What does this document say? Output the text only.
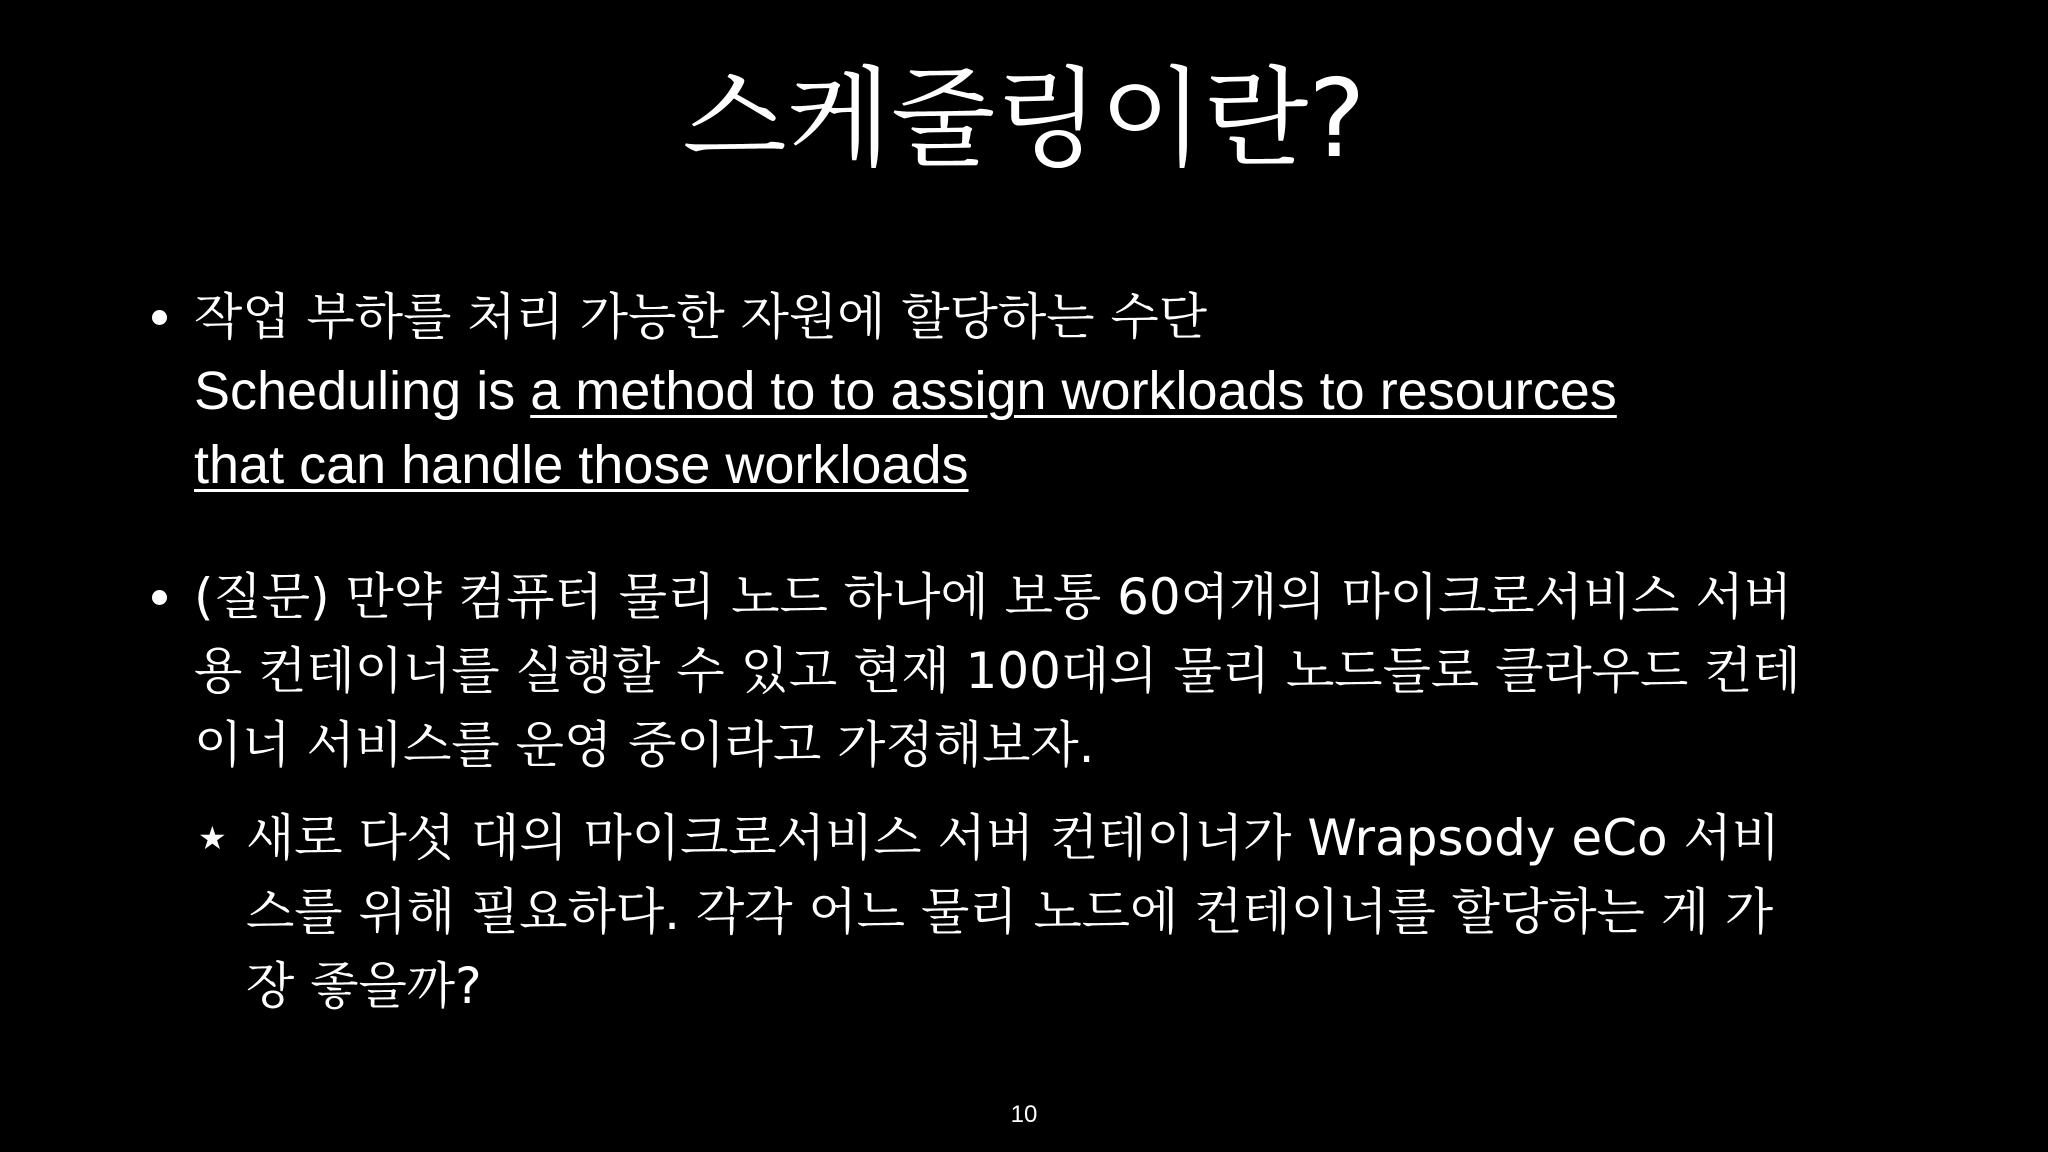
스케줄링이란?
작업 부하를 처리 가능한 자원에 할당하는 수단
Scheduling is a method to to assign workloads to resources
that can handle those workloads
(질문) 만약 컴퓨터 물리 노드 하나에 보통 60여개의 마이크로서비스 서버
용 컨테이너를 실행할 수 있고 현재 100대의 물리 노드들로 클라우드 컨테
이너 서비스를 운영 중이라고 가정해보자.
★ 새로 다섯 대의 마이크로서비스 서버 컨테이너가 Wrapsody eCo 서비
스를 위해 필요하다. 각각 어느 물리 노드에 컨테이너를 할당하는 게 가
장 좋을까?
10
